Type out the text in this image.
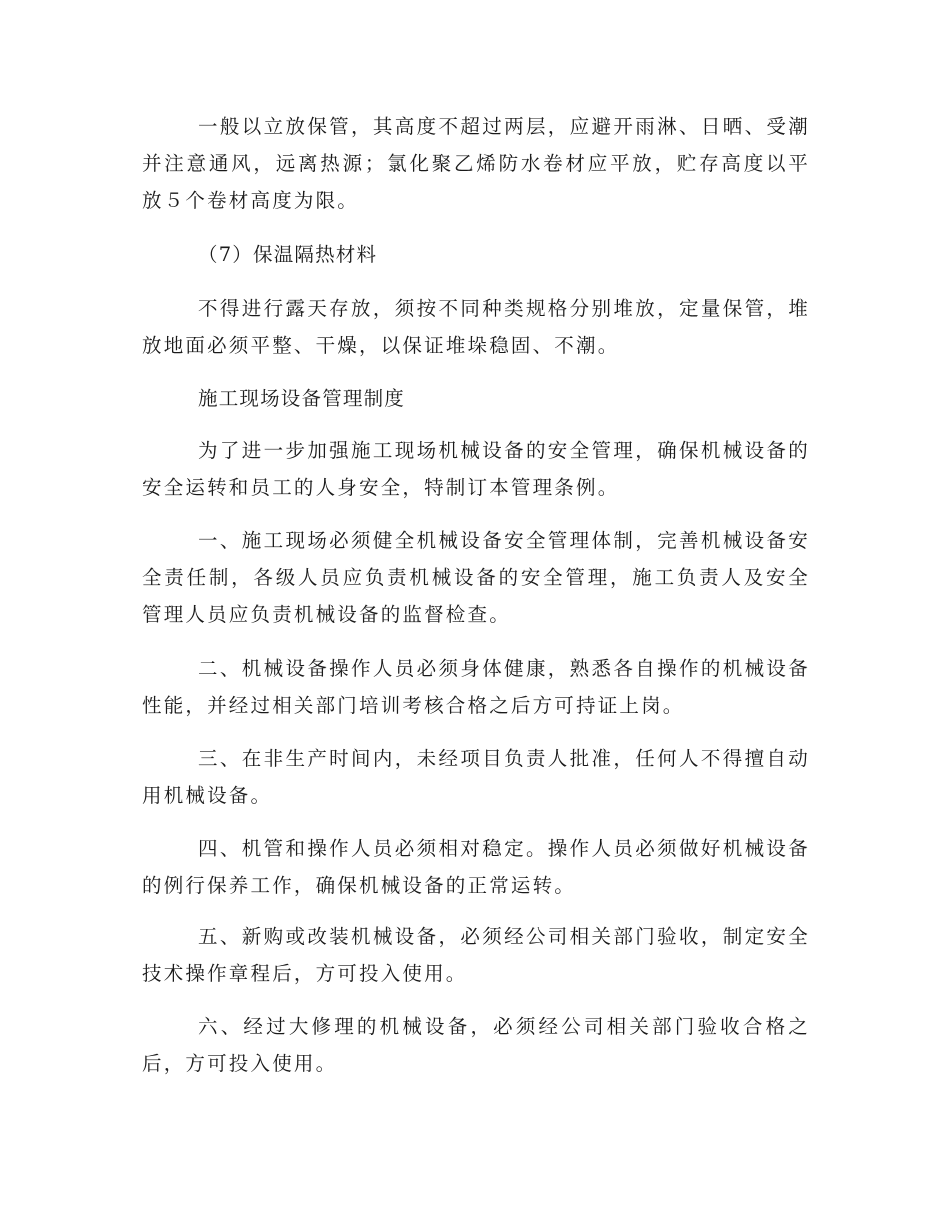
一般以立放保管，其高度不超过两层，应避开雨淋、日晒、受潮并注意通风，远离热源；氯化聚乙烯防水卷材应平放，贮存高度以平放５个卷材高度为限。

（7）保温隔热材料

不得进行露天存放，须按不同种类规格分别堆放，定量保管，堆放地面必须平整、干燥，以保证堆垛稳固、不潮。

施工现场设备管理制度

为了进一步加强施工现场机械设备的安全管理，确保机械设备的安全运转和员工的人身安全，特制订本管理条例。

一、施工现场必须健全机械设备安全管理体制，完善机械设备安全责任制，各级人员应负责机械设备的安全管理，施工负责人及安全管理人员应负责机械设备的监督检查。

二、机械设备操作人员必须身体健康，熟悉各自操作的机械设备性能，并经过相关部门培训考核合格之后方可持证上岗。

三、在非生产时间内，未经项目负责人批准，任何人不得擅自动用机械设备。

四、机管和操作人员必须相对稳定。操作人员必须做好机械设备的例行保养工作，确保机械设备的正常运转。

五、新购或改装机械设备，必须经公司相关部门验收，制定安全技术操作章程后，方可投入使用。

六、经过大修理的机械设备，必须经公司相关部门验收合格之后，方可投入使用。
